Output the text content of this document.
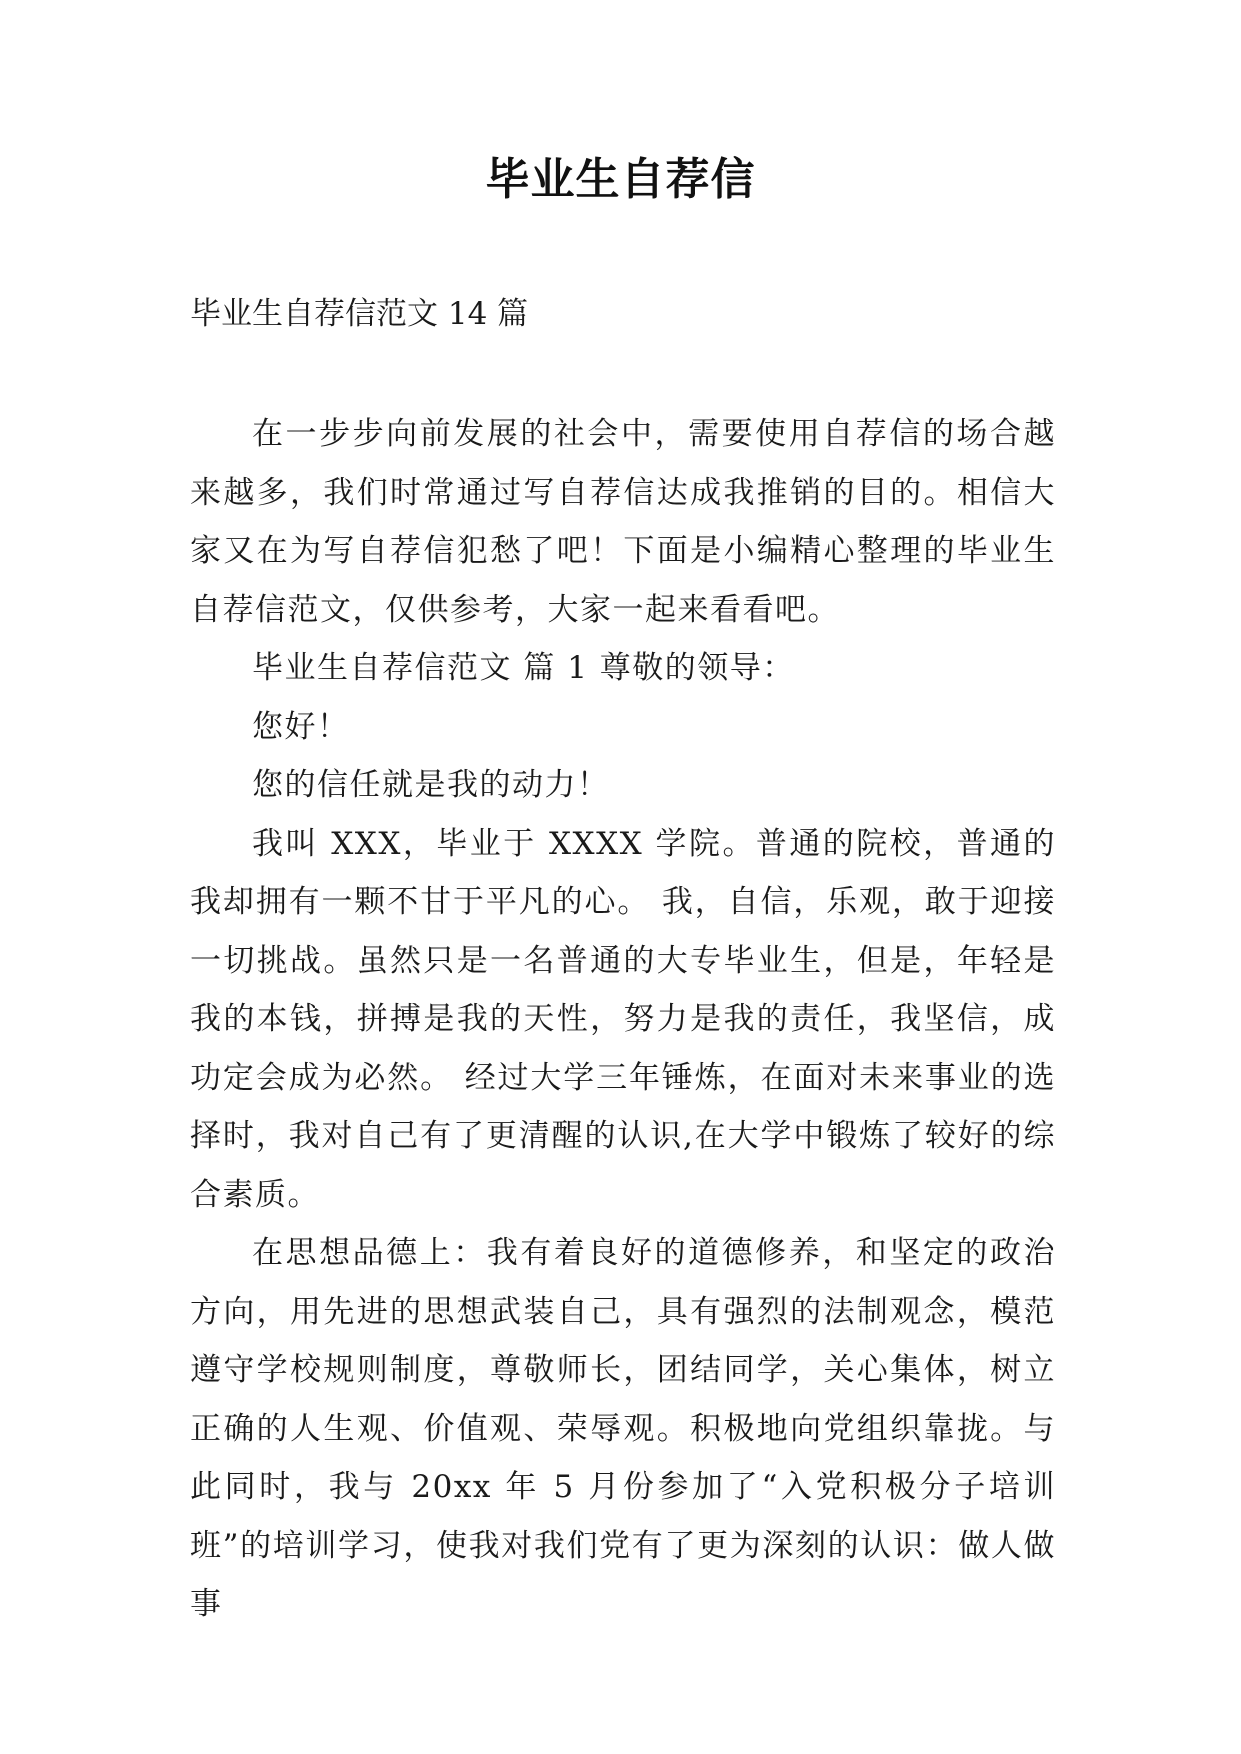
毕业生自荐信
毕业生自荐信范文 14 篇

在一步步向前发展的社会中，需要使用自荐信的场合越来越多，我们时常通过写自荐信达成我推销的目的。相信大家又在为写自荐信犯愁了吧！下面是小编精心整理的毕业生自荐信范文，仅供参考，大家一起来看看吧。

毕业生自荐信范文 篇 1 尊敬的领导：

您好！

您的信任就是我的动力！

我叫 XXX，毕业于 XXXX 学院。普通的院校，普通的我却拥有一颗不甘于平凡的心。 我，自信，乐观，敢于迎接一切挑战。虽然只是一名普通的大专毕业生，但是，年轻是我的本钱，拼搏是我的天性，努力是我的责任，我坚信，成功定会成为必然。 经过大学三年锤炼，在面对未来事业的选择时，我对自己有了更清醒的认识,在大学中锻炼了较好的综合素质。

在思想品德上：我有着良好的道德修养，和坚定的政治方向，用先进的思想武装自己，具有强烈的法制观念，模范遵守学校规则制度，尊敬师长，团结同学，关心集体，树立正确的人生观、价值观、荣辱观。积极地向党组织靠拢。与此同时，我与 20xx 年 5 月份参加了“入党积极分子培训班”的培训学习，使我对我们党有了更为深刻的认识：做人做事
